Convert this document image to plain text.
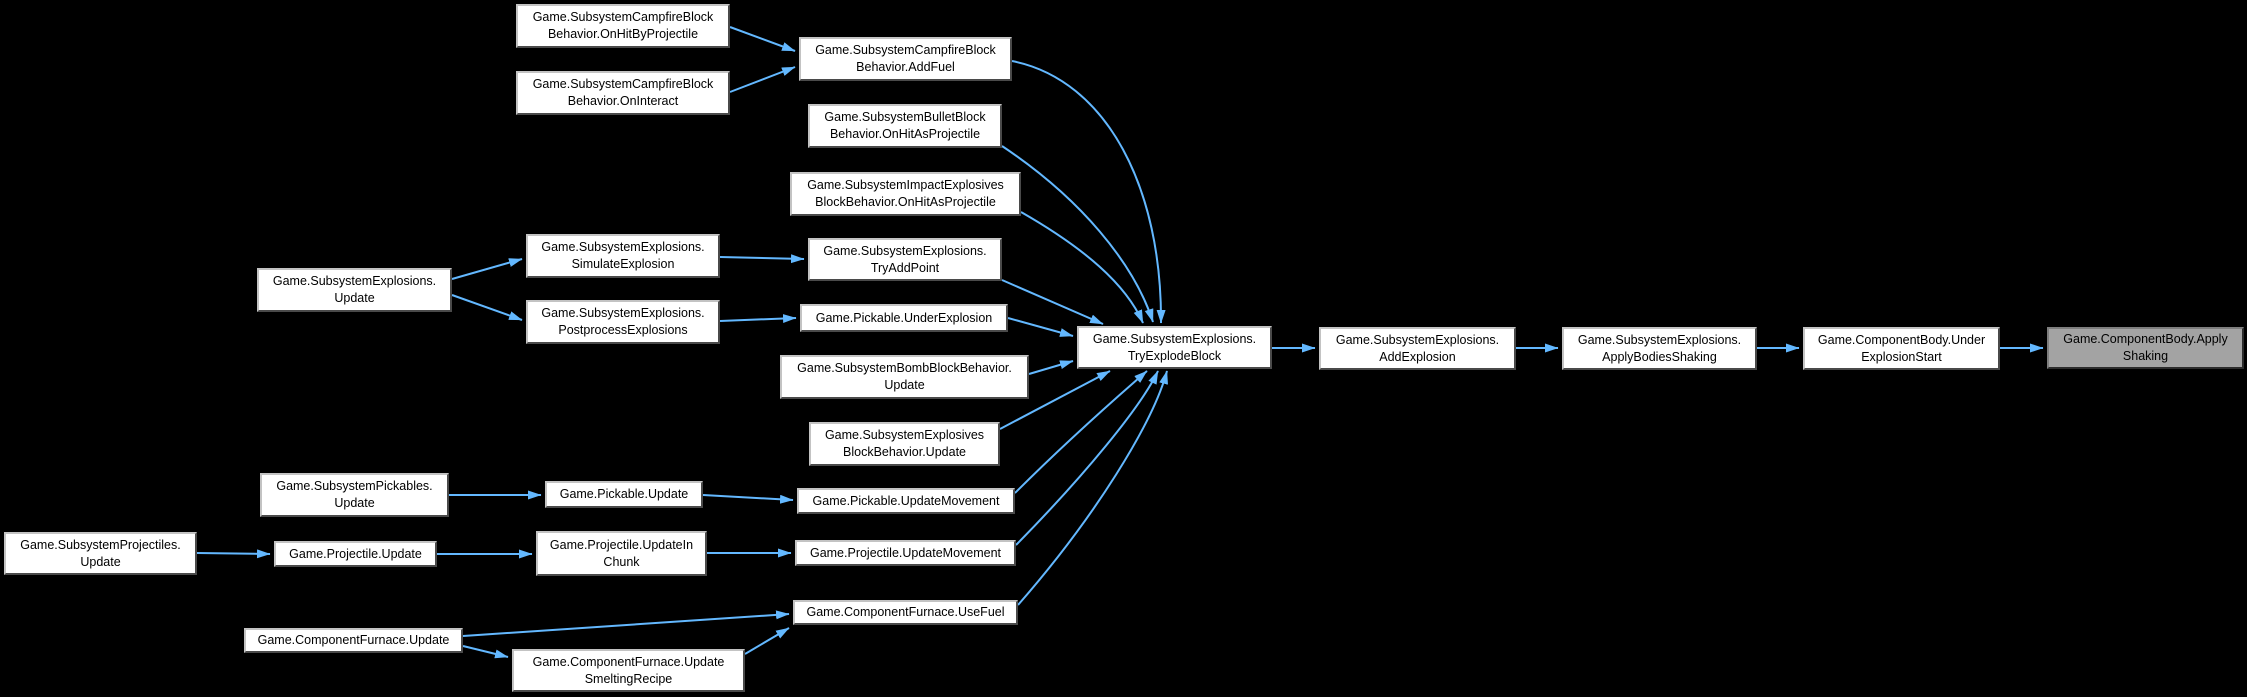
Game.SubsystemCampfireBlock
Behavior.OnHitByProjectile
Game.SubsystemCampfireBlock
Behavior.OnInteract
Game.SubsystemCampfireBlock
Behavior.AddFuel
Game.SubsystemBulletBlock
Behavior.OnHitAsProjectile
Game.SubsystemImpactExplosives
BlockBehavior.OnHitAsProjectile
Game.SubsystemExplosions.
Update
Game.SubsystemExplosions.
SimulateExplosion
Game.SubsystemExplosions.
PostprocessExplosions
Game.SubsystemExplosions.
TryAddPoint
Game.Pickable.UnderExplosion
Game.SubsystemBombBlockBehavior.
Update
Game.SubsystemExplosives
BlockBehavior.Update
Game.SubsystemExplosions.
TryExplodeBlock
Game.SubsystemExplosions.
AddExplosion
Game.SubsystemExplosions.
ApplyBodiesShaking
Game.ComponentBody.Under
ExplosionStart
Game.ComponentBody.Apply
Shaking
Game.SubsystemPickables.
Update
Game.Pickable.Update	Game.Pickable.UpdateMovement
Game.SubsystemProjectiles.
Update
Game.Projectile.Update
Game.Projectile.UpdateIn
Chunk
Game.Projectile.UpdateMovement
Game.ComponentFurnace.Update
Game.ComponentFurnace.UseFuel
Game.ComponentFurnace.Update
SmeltingRecipe
